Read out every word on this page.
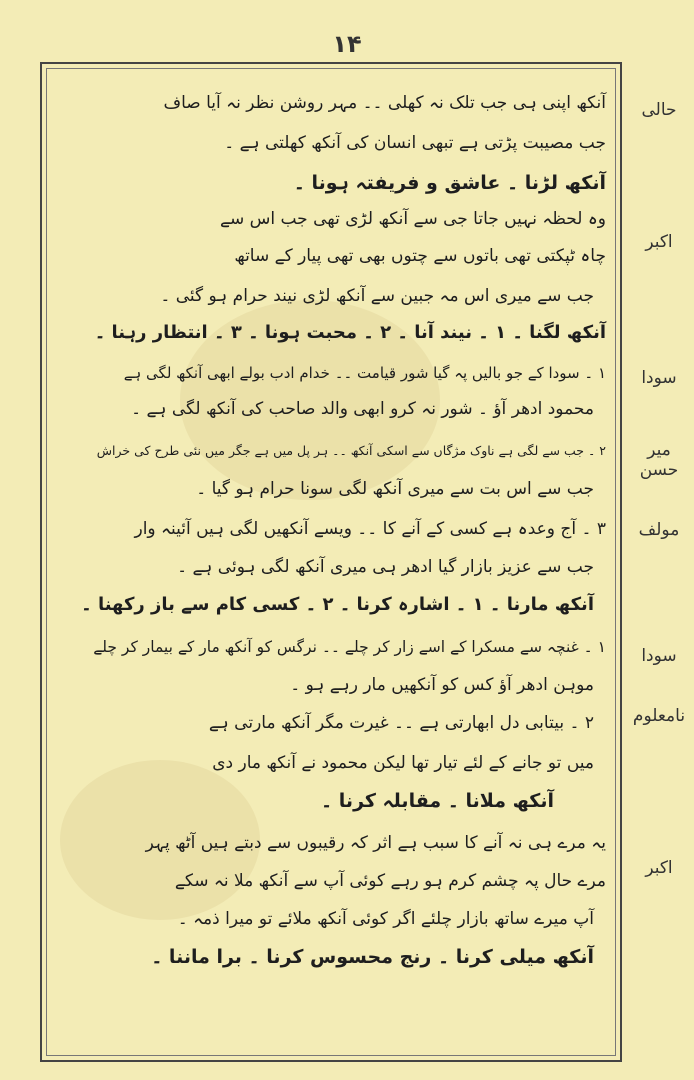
۱۴
حالی
اکبر
سودا
میر حسن
مولف
سودا
نامعلوم
اکبر
آنکھ اپنی ہی جب تلک نہ کھلی ۔۔ مہر روشن نظر نہ آیا صاف
جب مصیبت پڑتی ہے تبھی انسان کی آنکھ کھلتی ہے ۔
آنکھ لڑنا ۔ عاشق و فریفتہ ہونا ۔
وہ لحظہ نہیں جاتا جی سے آنکھ لڑی تھی جب اس سے
چاہ ٹپکتی تھی باتوں سے چتوں بھی تھی پیار کے ساتھ
جب سے میری اس مہ جبین سے آنکھ لڑی نیند حرام ہو گئی ۔
آنکھ لگنا ۔ ۱ ۔ نیند آنا ۔ ۲ ۔ محبت ہونا ۔ ۳ ۔ انتظار رہنا ۔
۱ ۔ سودا کے جو بالیں پہ گیا شور قیامت ۔۔ خدام ادب بولے ابھی آنکھ لگی ہے
محمود ادھر آؤ ۔ شور نہ کرو ابھی والد صاحب کی آنکھ لگی ہے ۔
۲ ۔ جب سے لگی ہے ناوک مژگاں سے اسکی آنکھ ۔۔ ہر پل میں ہے جگر میں نئی طرح کی خراش
جب سے اس بت سے میری آنکھ لگی سونا حرام ہو گیا ۔
۳ ۔ آج وعدہ ہے کسی کے آنے کا ۔۔ ویسے آنکھیں لگی ہیں آئینہ وار
جب سے عزیز بازار گیا ادھر ہی میری آنکھ لگی ہوئی ہے ۔
آنکھ مارنا ۔ ۱ ۔ اشارہ کرنا ۔ ۲ ۔ کسی کام سے باز رکھنا ۔
۱ ۔ غنچہ سے مسکرا کے اسے زار کر چلے ۔۔ نرگس کو آنکھ مار کے بیمار کر چلے
موہن ادھر آؤ کس کو آنکھیں مار رہے ہو ۔
۲ ۔ بیتابی دل ابھارتی ہے ۔۔ غیرت مگر آنکھ مارتی ہے
میں تو جانے کے لئے تیار تھا لیکن محمود نے آنکھ مار دی
آنکھ ملانا ۔ مقابلہ کرنا ۔
یہ مرے ہی نہ آنے کا سبب ہے اثر کہ رقیبوں سے دبتے ہیں آٹھ پہر
مرے حال پہ چشم کرم ہو رہے کوئی آپ سے آنکھ ملا نہ سکے
آپ میرے ساتھ بازار چلئے اگر کوئی آنکھ ملائے تو میرا ذمہ ۔
آنکھ میلی کرنا ۔ رنج محسوس کرنا ۔ برا ماننا ۔
